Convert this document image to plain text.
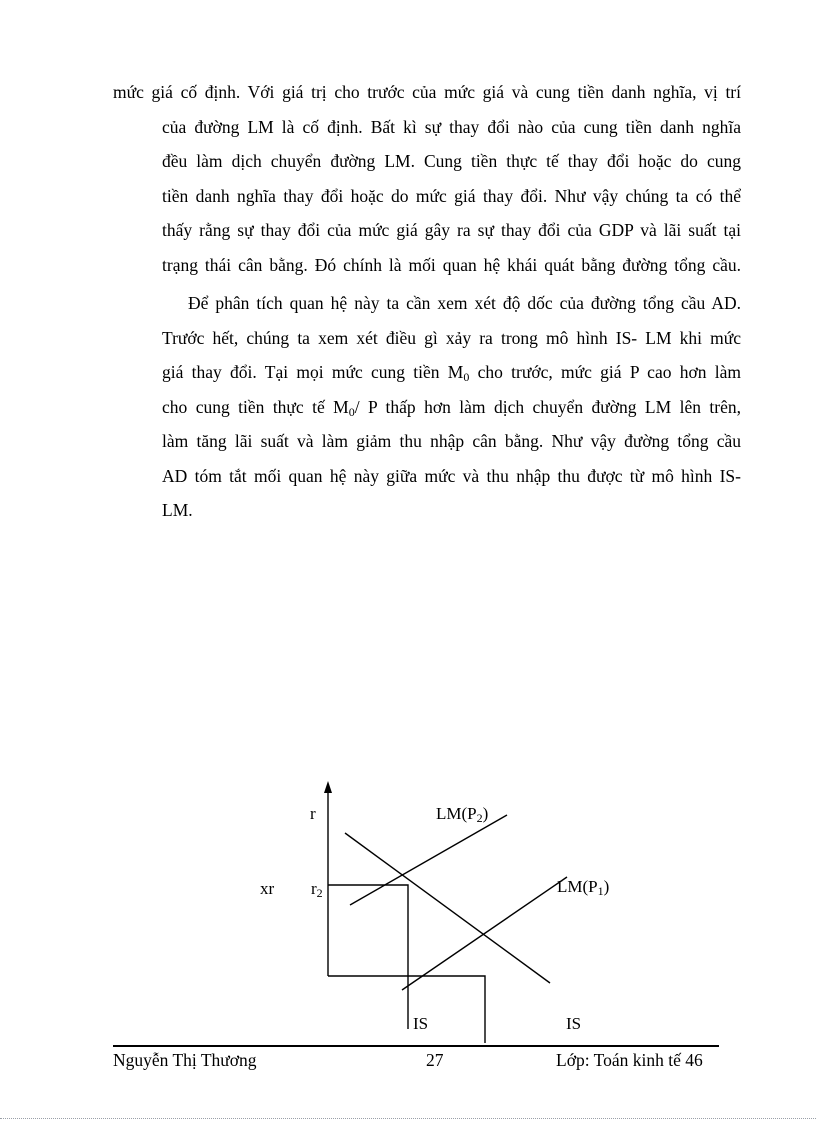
mức giá cố định. Với giá trị cho trước của mức giá và cung tiền danh nghĩa, vị trí
của đường LM là cố định. Bất kì sự thay đổi nào của cung tiền danh nghĩa
đều làm dịch chuyển đường LM. Cung tiền thực tế thay đổi hoặc do cung
tiền danh nghĩa thay đổi hoặc do mức giá thay đổi. Như vậy chúng ta có thể
thấy rằng sự thay đổi của mức giá gây ra sự thay đổi của GDP và lãi suất tại
trạng thái cân bằng. Đó chính là mối quan hệ khái quát bằng đường tổng cầu.
Để phân tích quan hệ này ta cần xem xét độ dốc của đường tổng cầu AD.
Trước hết, chúng ta xem xét điều gì xảy ra trong mô hình IS- LM khi mức
giá thay đổi. Tại mọi mức cung tiền $M_0$ cho trước, mức giá P cao hơn làm
cho cung tiền thực tế $M_0/$ P thấp hơn làm dịch chuyển đường LM lên trên,
làm tăng lãi suất và làm giảm thu nhập cân bằng. Như vậy đường tổng cầu
AD tóm tắt mối quan hệ này giữa mức và thu nhập thu được từ mô hình IS-
LM.
r	$LM(P_2)$
$LM(P_1)$
xr $r_2$
IS	IS
Nguyễn Thị Thương	27	Lớp: Toán kinh tế 46
